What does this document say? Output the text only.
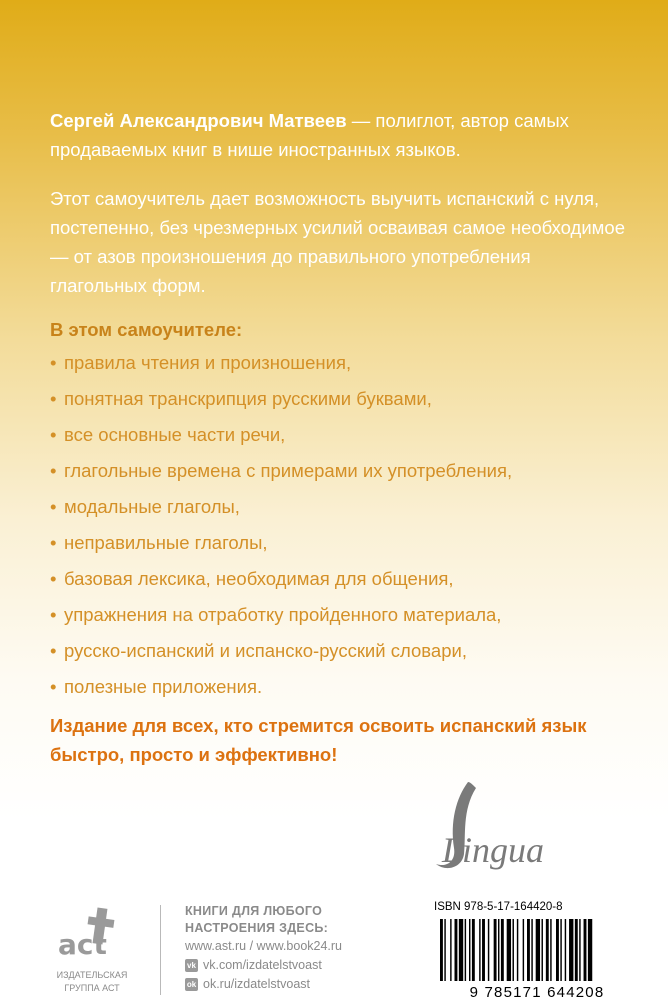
Сергей Александрович Матвеев — полиглот, автор самых продаваемых книг в нише иностранных языков.
Этот самоучитель дает возможность выучить испанский с нуля, постепенно, без чрезмерных усилий осваивая самое необходимое — от азов произношения до правильного употребления глагольных форм.
В этом самоучителе:
• правила чтения и произношения,
• понятная транскрипция русскими буквами,
• все основные части речи,
• глагольные времена с примерами их употребления,
• модальные глаголы,
• неправильные глаголы,
• базовая лексика, необходимая для общения,
• упражнения на отработку пройденного материала,
• русско-испанский и испанско-русский словари,
• полезные приложения.
Издание для всех, кто стремится освоить испанский язык быстро, просто и эффективно!
Lingua
act
ИЗДАТЕЛЬСКАЯ
ГРУППА АСТ
КНИГИ ДЛЯ ЛЮБОГО
НАСТРОЕНИЯ ЗДЕСЬ:
www.ast.ru / www.book24.ru
vk vk.com/izdatelstvoast
ok ok.ru/izdatelstvoast
ISBN 978-5-17-164420-8
9 785171 644208
